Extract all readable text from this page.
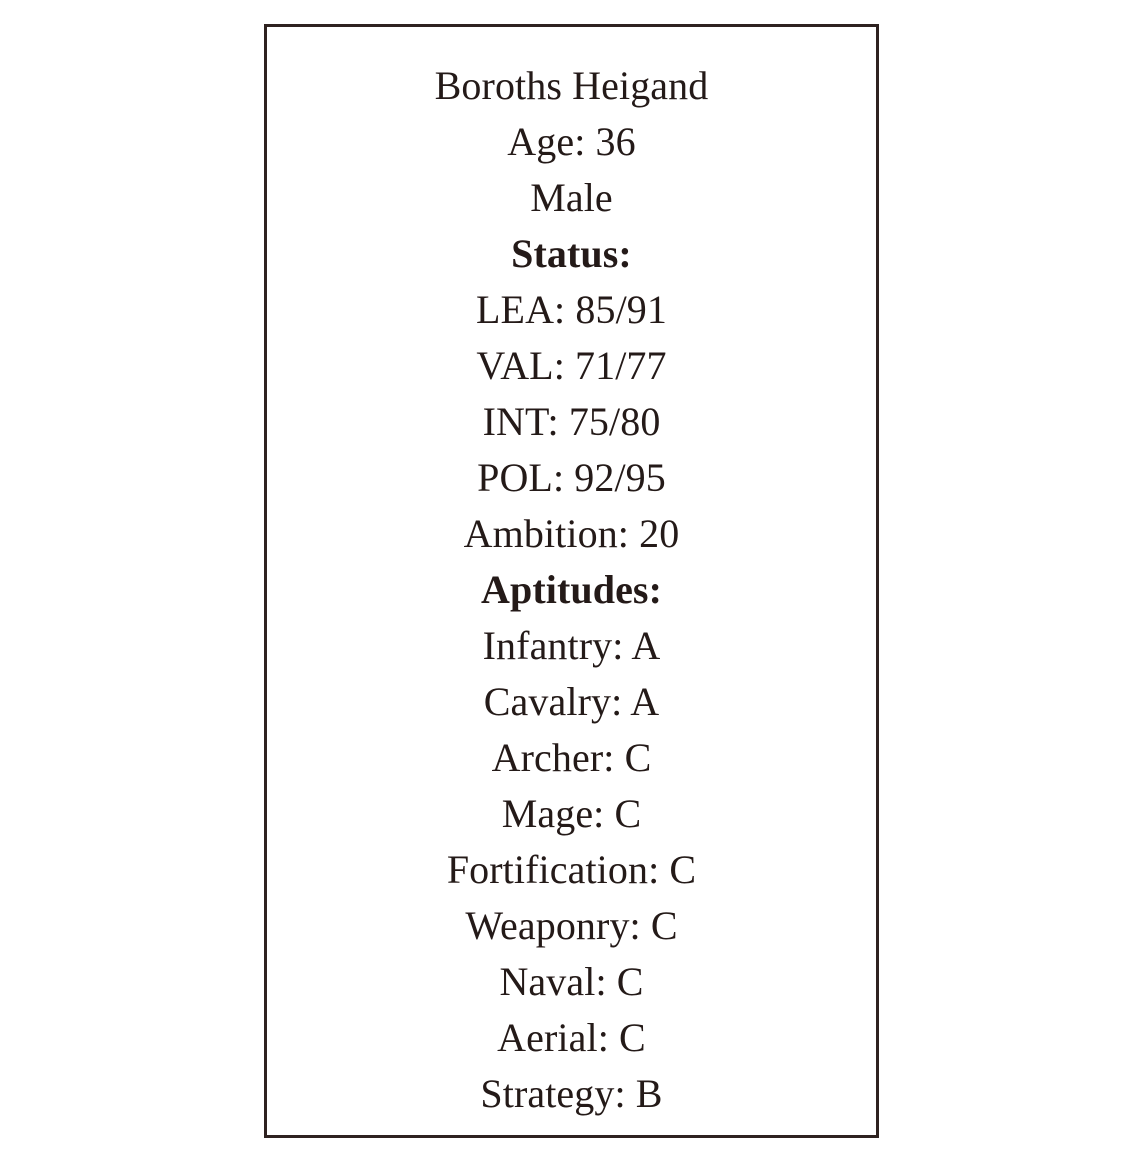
Boroths Heigand
Age: 36
Male
Status:
LEA: 85/91
VAL: 71/77
INT: 75/80
POL: 92/95
Ambition: 20
Aptitudes:
Infantry: A
Cavalry: A
Archer: C
Mage: C
Fortification: C
Weaponry: C
Naval: C
Aerial: C
Strategy: B
